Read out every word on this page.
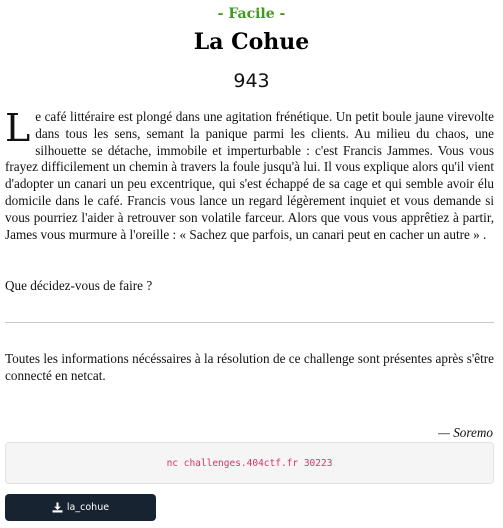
- Facile -
La Cohue
943

Le café littéraire est plongé dans une agitation frénétique. Un petit boule jaune virevolte dans tous les sens, semant la panique parmi les clients. Au milieu du chaos, une silhouette se détache, immobile et imperturbable : c'est Francis Jammes. Vous vous frayez difficilement un chemin à travers la foule jusqu'à lui. Il vous explique alors qu'il vient d'adopter un canari un peu excentrique, qui s'est échappé de sa cage et qui semble avoir élu domicile dans le café. Francis vous lance un regard légèrement inquiet et vous demande si vous pourriez l'aider à retrouver son volatile farceur. Alors que vous vous apprêtiez à partir, James vous murmure à l'oreille : « Sachez que parfois, un canari peut en cacher un autre » .

Que décidez-vous de faire ?

Toutes les informations nécéssaires à la résolution de ce challenge sont présentes après s'être connecté en netcat.

— Soremo
nc challenges.404ctf.fr 30223
la_cohue
